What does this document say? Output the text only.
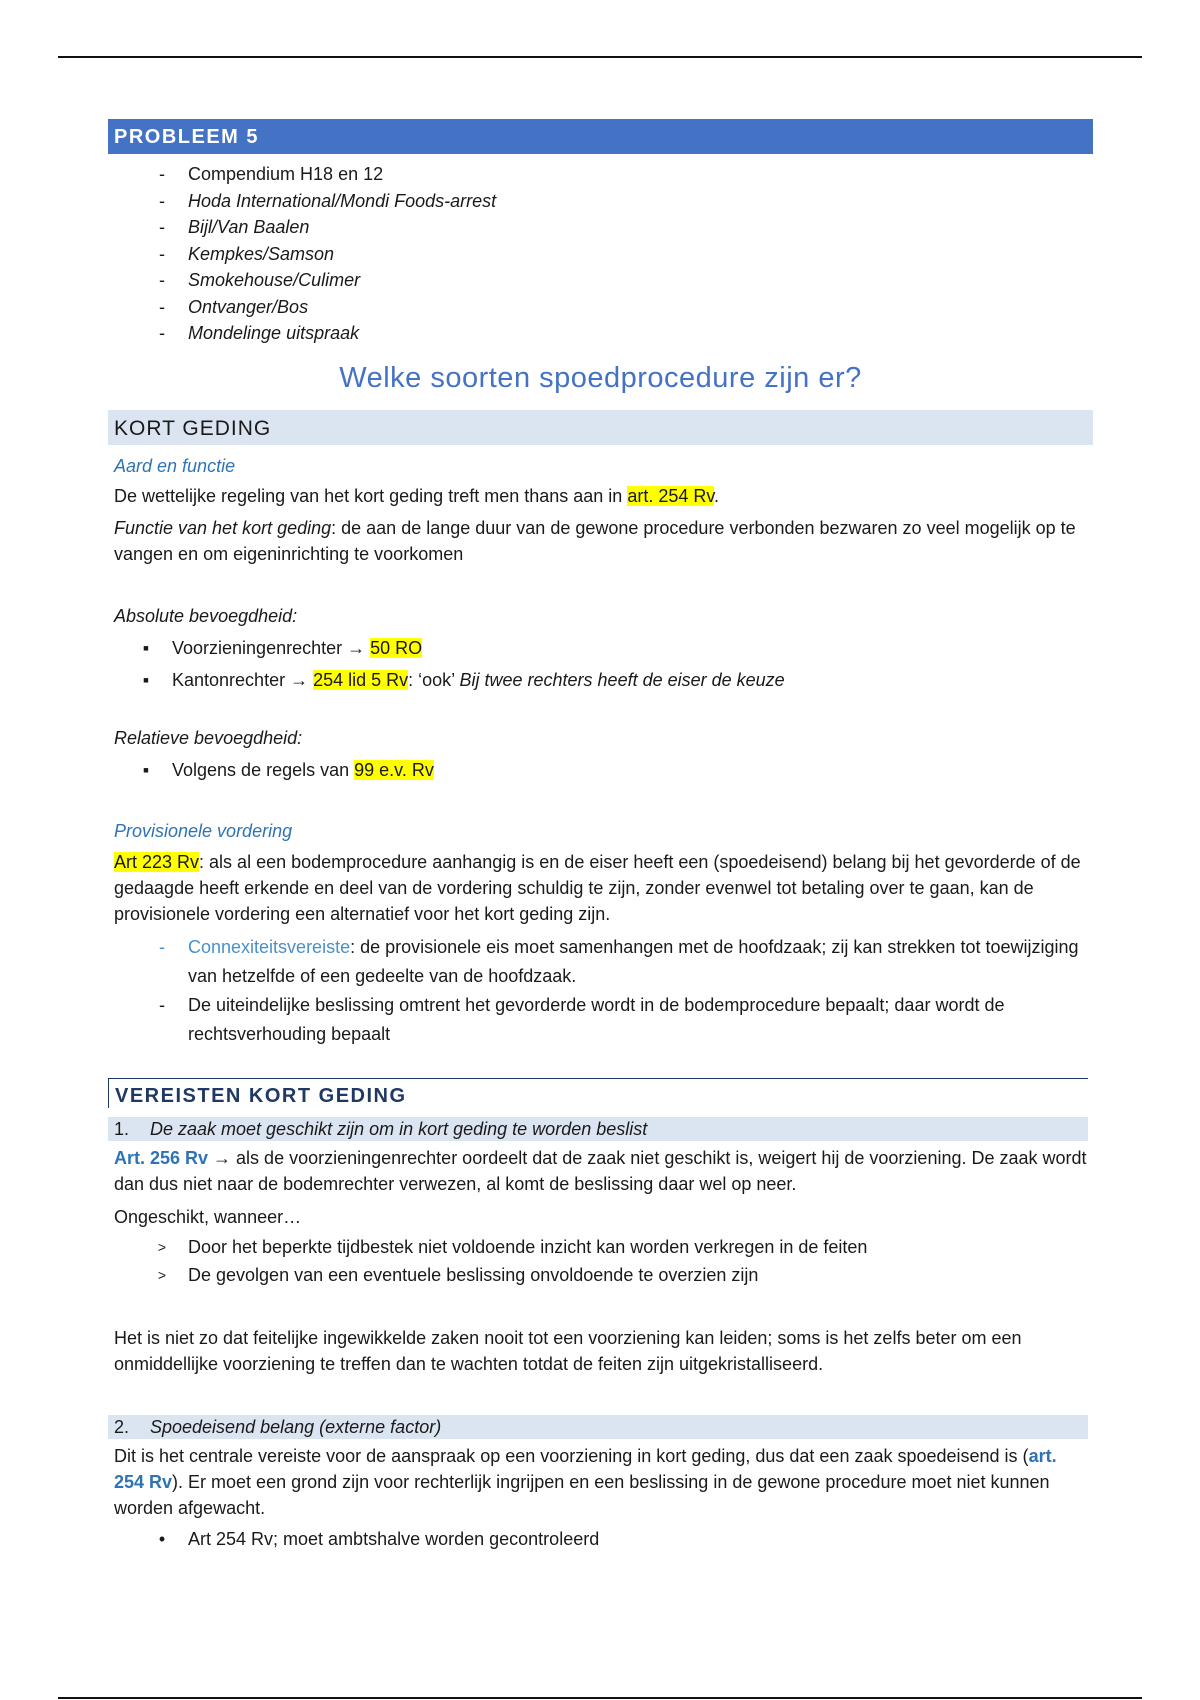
PROBLEEM 5
-	Compendium H18 en 12
-	Hoda International/Mondi Foods-arrest
-	Bijl/Van Baalen
-	Kempkes/Samson
-	Smokehouse/Culimer
-	Ontvanger/Bos
-	Mondelinge uitspraak
Welke soorten spoedprocedure zijn er?
KORT GEDING
Aard en functie

De wettelijke regeling van het kort geding treft men thans aan in art. 254 Rv.

Functie van het kort geding: de aan de lange duur van de gewone procedure verbonden bezwaren zo veel mogelijk op te vangen en om eigeninrichting te voorkomen

Absolute bevoegdheid:

▪	Voorzieningenrechter → 50 RO
▪	Kantonrechter → 254 lid 5 Rv: ‘ook’ Bij twee rechters heeft de eiser de keuze

Relatieve bevoegdheid:

▪	Volgens de regels van 99 e.v. Rv
Provisionele vordering

Art 223 Rv: als al een bodemprocedure aanhangig is en de eiser heeft een (spoedeisend) belang bij het gevorderde of de gedaagde heeft erkende en deel van de vordering schuldig te zijn, zonder evenwel tot betaling over te gaan, kan de provisionele vordering een alternatief voor het kort geding zijn.

-	Connexiteitsvereiste: de provisionele eis moet samenhangen met de hoofdzaak; zij kan strekken tot toewijziging van hetzelfde of een gedeelte van de hoofdzaak.
-	De uiteindelijke beslissing omtrent het gevorderde wordt in de bodemprocedure bepaalt; daar wordt de rechtsverhouding bepaalt
VEREISTEN KORT GEDING
1. De zaak moet geschikt zijn om in kort geding te worden beslist

Art. 256 Rv → als de voorzieningenrechter oordeelt dat de zaak niet geschikt is, weigert hij de voorziening. De zaak wordt dan dus niet naar de bodemrechter verwezen, al komt de beslissing daar wel op neer.

Ongeschikt, wanneer…

>	Door het beperkte tijdbestek niet voldoende inzicht kan worden verkregen in de feiten
>	De gevolgen van een eventuele beslissing onvoldoende te overzien zijn

Het is niet zo dat feitelijke ingewikkelde zaken nooit tot een voorziening kan leiden; soms is het zelfs beter om een onmiddellijke voorziening te treffen dan te wachten totdat de feiten zijn uitgekristalliseerd.

2. Spoedeisend belang (externe factor)

Dit is het centrale vereiste voor de aanspraak op een voorziening in kort geding, dus dat een zaak spoedeisend is (art. 254 Rv). Er moet een grond zijn voor rechterlijk ingrijpen en een beslissing in de gewone procedure moet niet kunnen worden afgewacht.

•	Art 254 Rv; moet ambtshalve worden gecontroleerd
